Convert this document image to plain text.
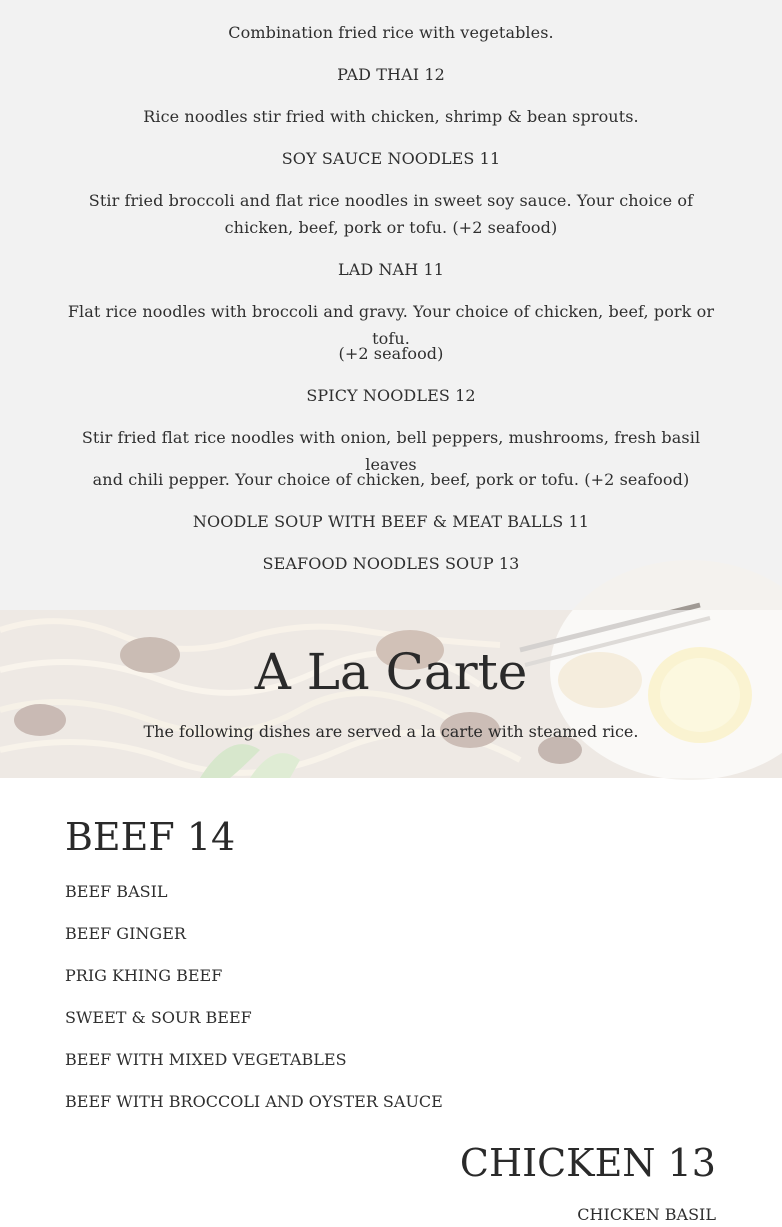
Combination fried rice with vegetables.
PAD THAI 12
Rice noodles stir fried with chicken, shrimp & bean sprouts.
SOY SAUCE NOODLES 11
Stir fried broccoli and flat rice noodles in sweet soy sauce. Your choice of chicken, beef, pork or tofu. (+2 seafood)
LAD NAH 11
Flat rice noodles with broccoli and gravy. Your choice of chicken, beef, pork or tofu.
(+2 seafood)
SPICY NOODLES 12
Stir fried flat rice noodles with onion, bell peppers, mushrooms, fresh basil leaves
and chili pepper. Your choice of chicken, beef, pork or tofu. (+2 seafood)
NOODLE SOUP WITH BEEF & MEAT BALLS 11
SEAFOOD NOODLES SOUP 13
A La Carte

The following dishes are served a la carte with steamed rice.

BEEF 14
BEEF BASIL
BEEF GINGER
PRIG KHING BEEF
SWEET & SOUR BEEF
BEEF WITH MIXED VEGETABLES
BEEF WITH BROCCOLI AND OYSTER SAUCE
CHICKEN 13
CHICKEN BASIL
